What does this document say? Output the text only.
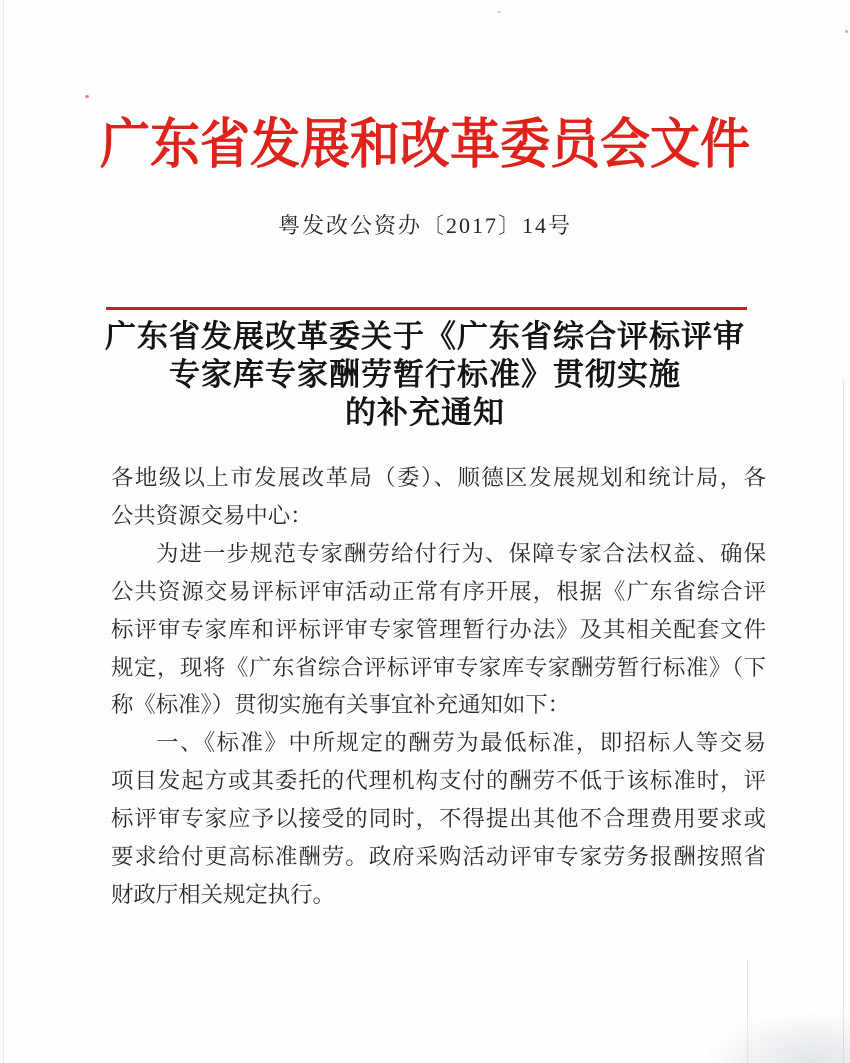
广东省发展和改革委员会文件
粤发改公资办〔2017〕14号
广东省发展改革委关于《广东省综合评标评审
专家库专家酬劳暂行标准》贯彻实施
的补充通知
各地级以上市发展改革局（委）、顺德区发展规划和统计局，各
公共资源交易中心：
为进一步规范专家酬劳给付行为、保障专家合法权益、确保
公共资源交易评标评审活动正常有序开展，根据《广东省综合评
标评审专家库和评标评审专家管理暂行办法》及其相关配套文件
规定，现将《广东省综合评标评审专家库专家酬劳暂行标准》（下
称《标准》）贯彻实施有关事宜补充通知如下：
一、《标准》中所规定的酬劳为最低标准，即招标人等交易
项目发起方或其委托的代理机构支付的酬劳不低于该标准时，评
标评审专家应予以接受的同时，不得提出其他不合理费用要求或
要求给付更高标准酬劳。政府采购活动评审专家劳务报酬按照省
财政厅相关规定执行。
